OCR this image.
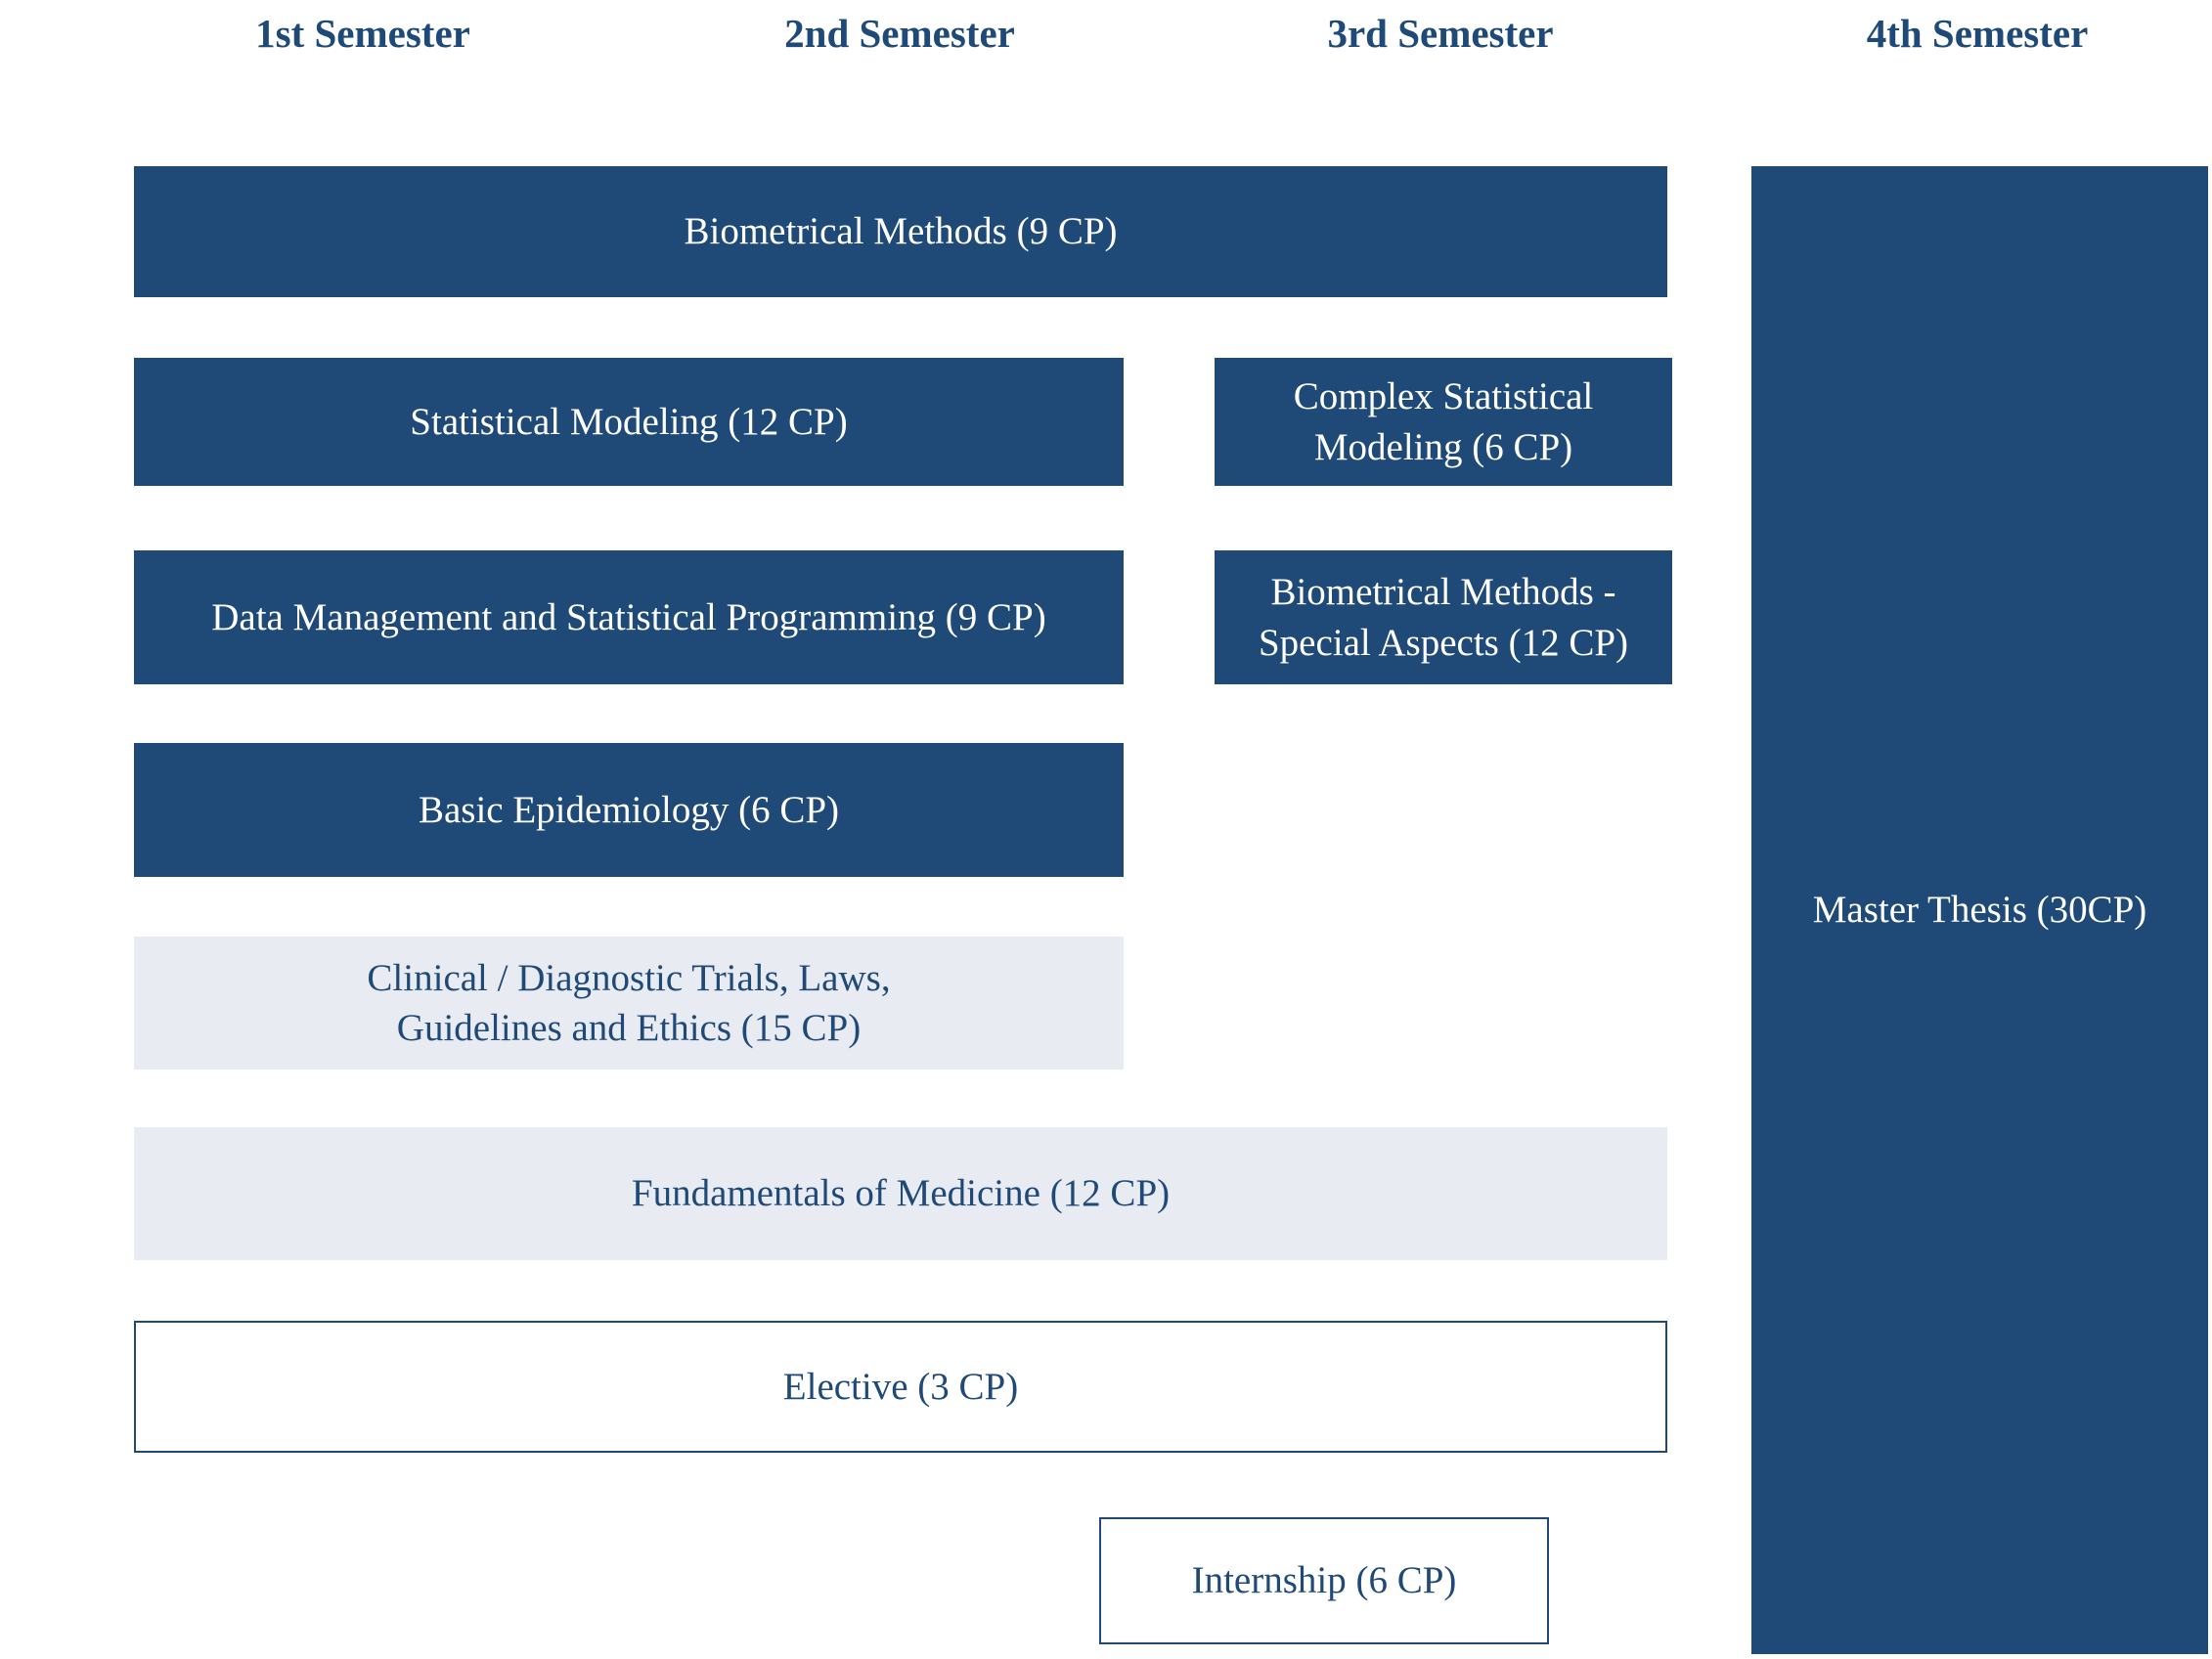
1st Semester	2nd Semester	3rd Semester	4th Semester
Biometrical Methods (9 CP)
Statistical Modeling (12 CP)
Complex Statistical
Modeling (6 CP)
Data Management and Statistical Programming (9 CP)
Biometrical Methods -
Special Aspects (12 CP)
Basic Epidemiology (6 CP)
Clinical / Diagnostic Trials, Laws,
Guidelines and Ethics (15 CP)
Fundamentals of Medicine (12 CP)
Elective (3 CP)
Internship (6 CP)
Master Thesis (30CP)
